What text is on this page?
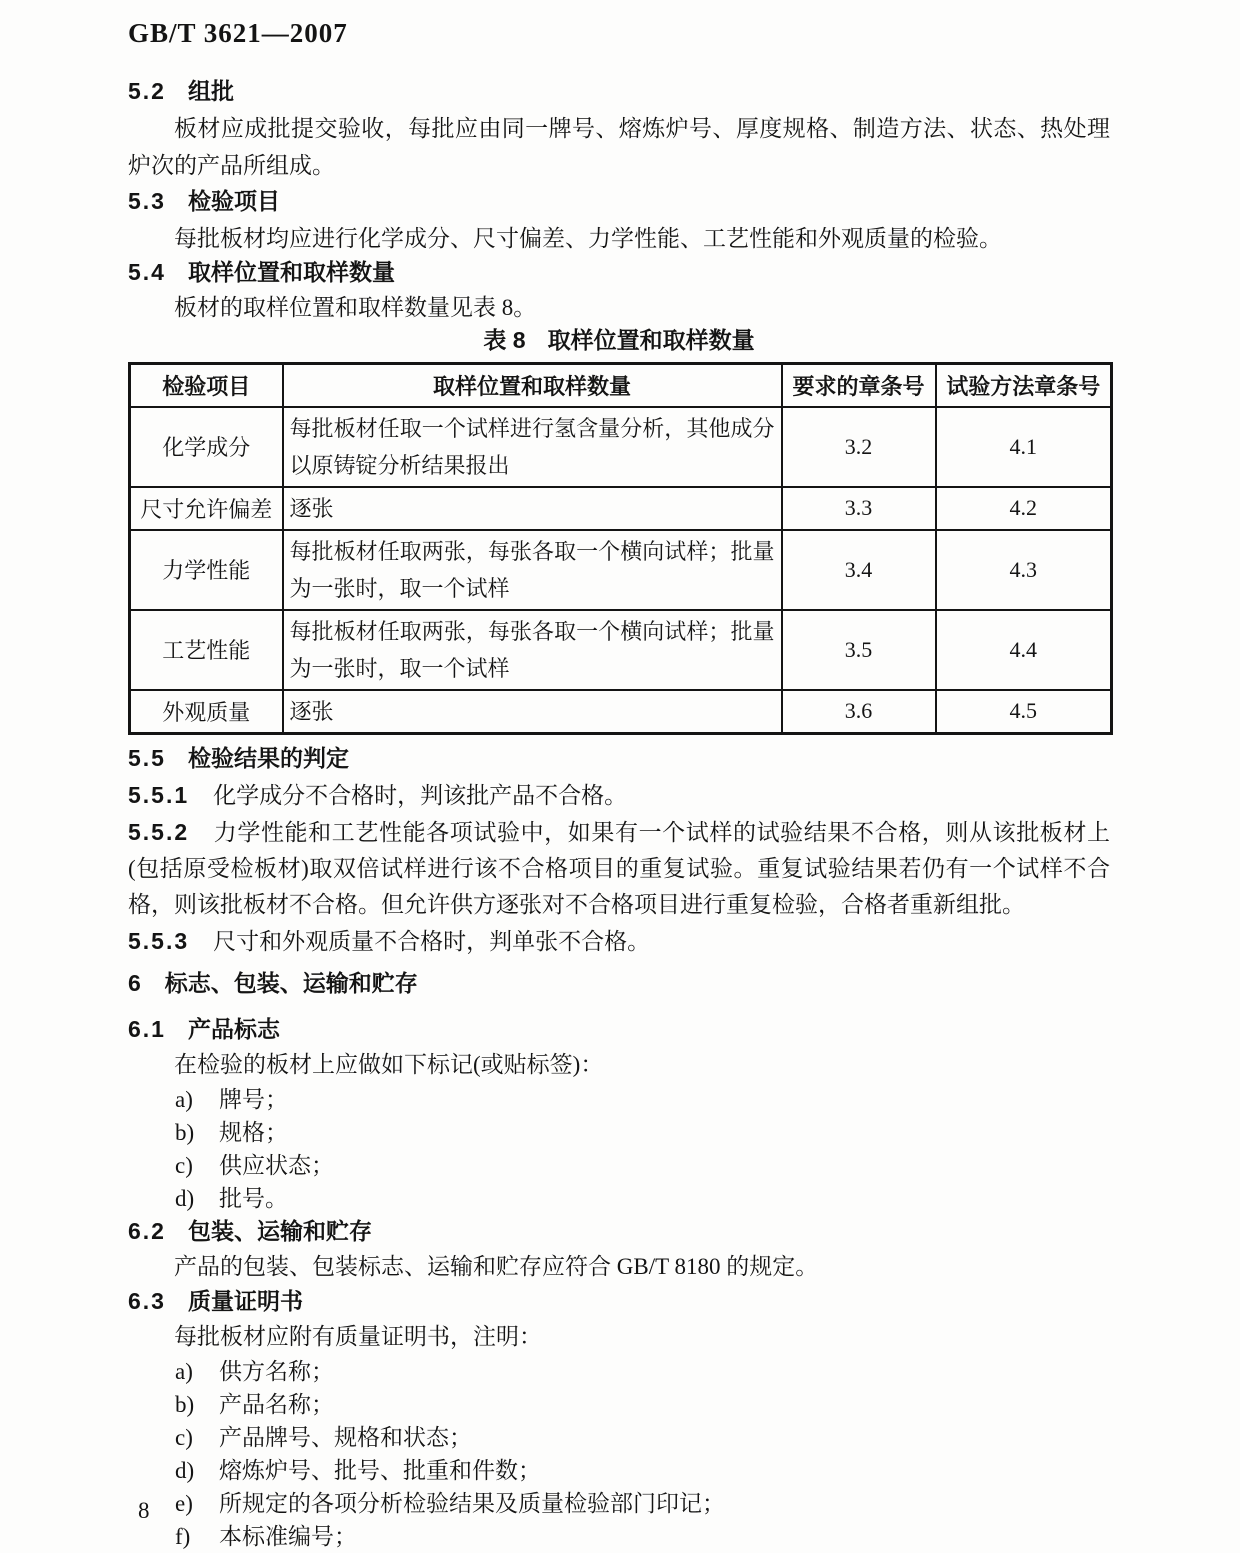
GB/T 3621—2007
5.2 组批
板材应成批提交验收，每批应由同一牌号、熔炼炉号、厚度规格、制造方法、状态、热处理炉次的产品所组成。
5.3 检验项目
每批板材均应进行化学成分、尺寸偏差、力学性能、工艺性能和外观质量的检验。
5.4 取样位置和取样数量
板材的取样位置和取样数量见表 8。
表 8 取样位置和取样数量
检验项目	取样位置和取样数量	要求的章条号	试验方法章条号
化学成分	每批板材任取一个试样进行氢含量分析，其他成分以原铸锭分析结果报出	3.2	4.1
尺寸允许偏差	逐张	3.3	4.2
力学性能	每批板材任取两张，每张各取一个横向试样；批量为一张时，取一个试样	3.4	4.3
工艺性能	每批板材任取两张，每张各取一个横向试样；批量为一张时，取一个试样	3.5	4.4
外观质量	逐张	3.6	4.5
5.5 检验结果的判定
5.5.1 化学成分不合格时，判该批产品不合格。
5.5.2 力学性能和工艺性能各项试验中，如果有一个试样的试验结果不合格，则从该批板材上(包括原受检板材)取双倍试样进行该不合格项目的重复试验。重复试验结果若仍有一个试样不合格，则该批板材不合格。但允许供方逐张对不合格项目进行重复检验，合格者重新组批。
5.5.3 尺寸和外观质量不合格时，判单张不合格。
6 标志、包装、运输和贮存
6.1 产品标志
在检验的板材上应做如下标记(或贴标签)：
a) 牌号；
b) 规格；
c) 供应状态；
d) 批号。
6.2 包装、运输和贮存
产品的包装、包装标志、运输和贮存应符合 GB/T 8180 的规定。
6.3 质量证明书
每批板材应附有质量证明书，注明：
a) 供方名称；
b) 产品名称；
c) 产品牌号、规格和状态；
d) 熔炼炉号、批号、批重和件数；
e) 所规定的各项分析检验结果及质量检验部门印记；
f) 本标准编号；
8
